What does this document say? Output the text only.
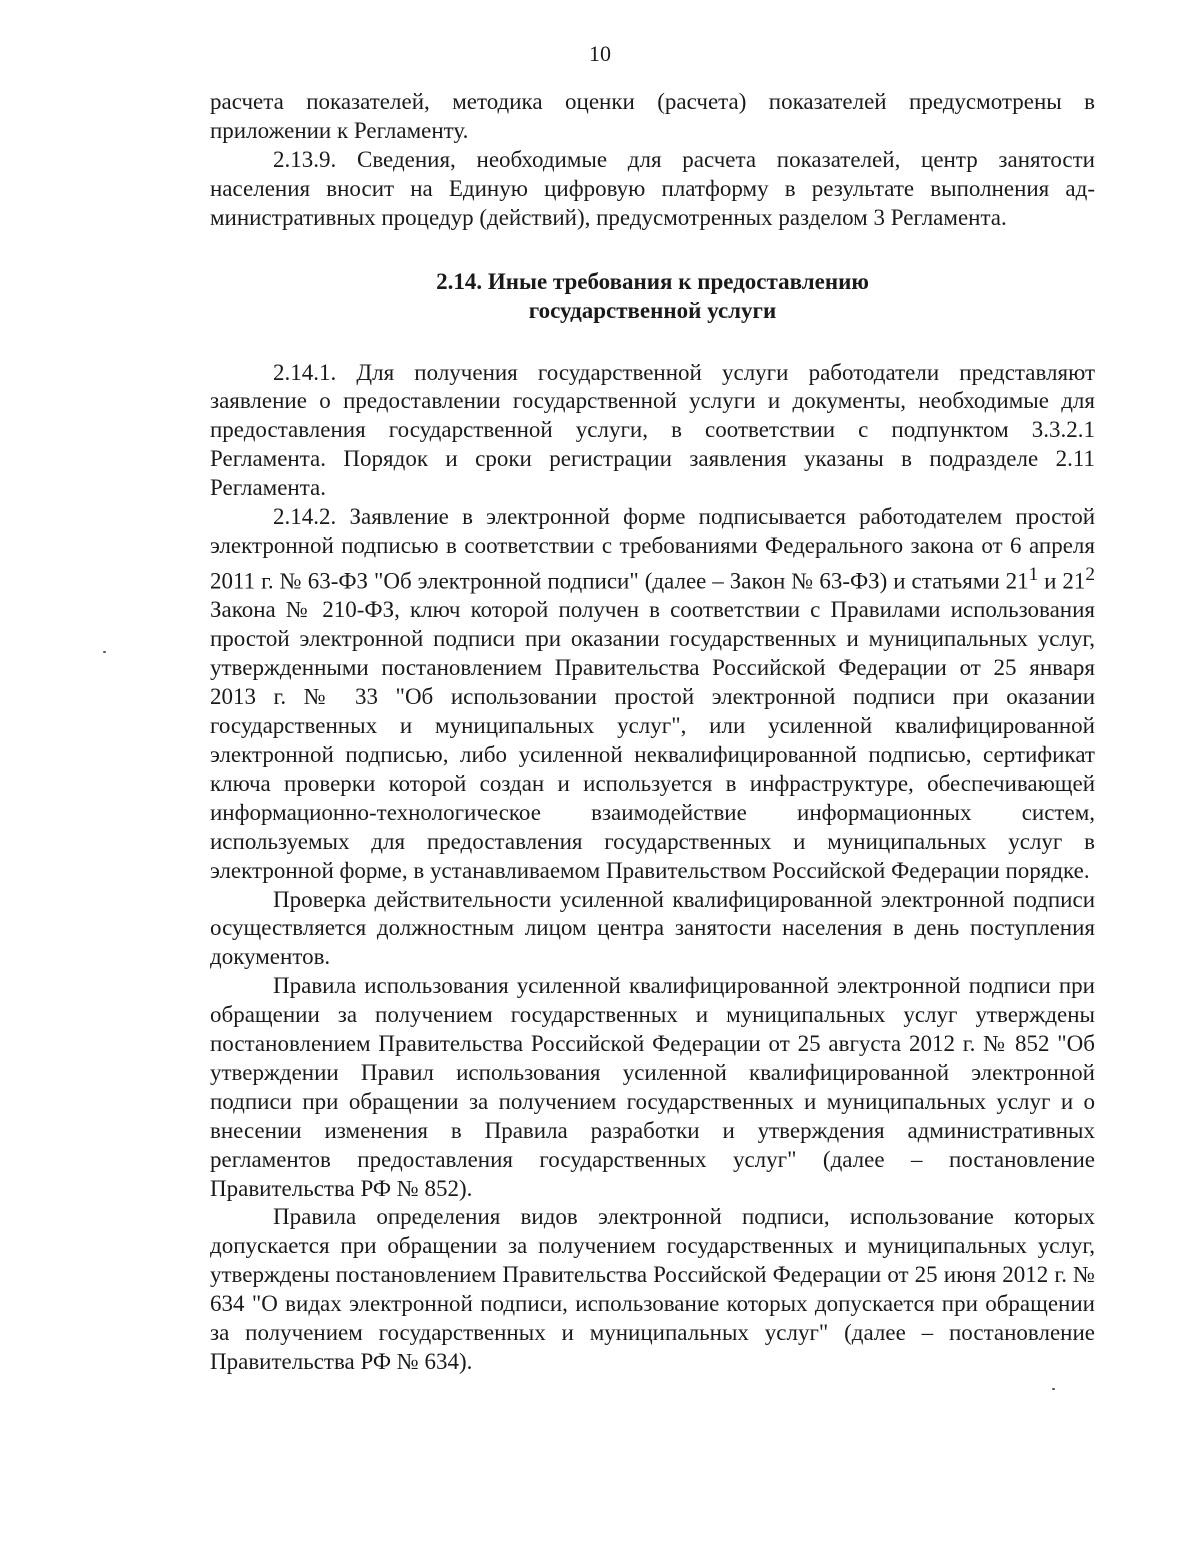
10

расчета показателей, методика оценки (расчета) показателей предусмотрены в приложении к Регламенту.

2.13.9. Сведения, необходимые для расчета показателей, центр занятости населения вносит на Единую цифровую платформу в результате выполнения административных процедур (действий), предусмотренных разделом 3 Регламента.

2.14. Иные требования к предоставлению
государственной услуги

2.14.1. Для получения государственной услуги работодатели представляют заявление о предоставлении государственной услуги и документы, необходимые для предоставления государственной услуги, в соответствии с подпунктом 3.3.2.1 Регламента. Порядок и сроки регистрации заявления указаны в подразделе 2.11 Регламента.

2.14.2. Заявление в электронной форме подписывается работодателем простой электронной подписью в соответствии с требованиями Федерального закона от 6 апреля 2011 г. № 63-ФЗ "Об электронной подписи" (далее – Закон № 63-ФЗ) и статьями $21^1$ и $21^2$ Закона № 210-ФЗ, ключ которой получен в соответствии с Правилами использования простой электронной подписи при оказании государственных и муниципальных услуг, утвержденными постановлением Правительства Российской Федерации от 25 января 2013 г. № 33 "Об использовании простой электронной подписи при оказании государственных и муниципальных услуг", или усиленной квалифицированной электронной подписью, либо усиленной неквалифицированной подписью, сертификат ключа проверки которой создан и используется в инфраструктуре, обеспечивающей информационно-технологическое взаимодействие информационных систем, используемых для предоставления государственных и муниципальных услуг в электронной форме, в устанавливаемом Правительством Российской Федерации порядке.

Проверка действительности усиленной квалифицированной электронной подписи осуществляется должностным лицом центра занятости населения в день поступления документов.

Правила использования усиленной квалифицированной электронной подписи при обращении за получением государственных и муниципальных услуг утверждены постановлением Правительства Российской Федерации от 25 августа 2012 г. № 852 "Об утверждении Правил использования усиленной квалифицированной электронной подписи при обращении за получением государственных и муниципальных услуг и о внесении изменения в Правила разработки и утверждения административных регламентов предоставления государственных услуг" (далее – постановление Правительства РФ № 852).

Правила определения видов электронной подписи, использование которых допускается при обращении за получением государственных и муниципальных услуг, утверждены постановлением Правительства Российской Федерации от 25 июня 2012 г. № 634 "О видах электронной подписи, использование которых допускается при обращении за получением государственных и муниципальных услуг" (далее – постановление Правительства РФ № 634).
